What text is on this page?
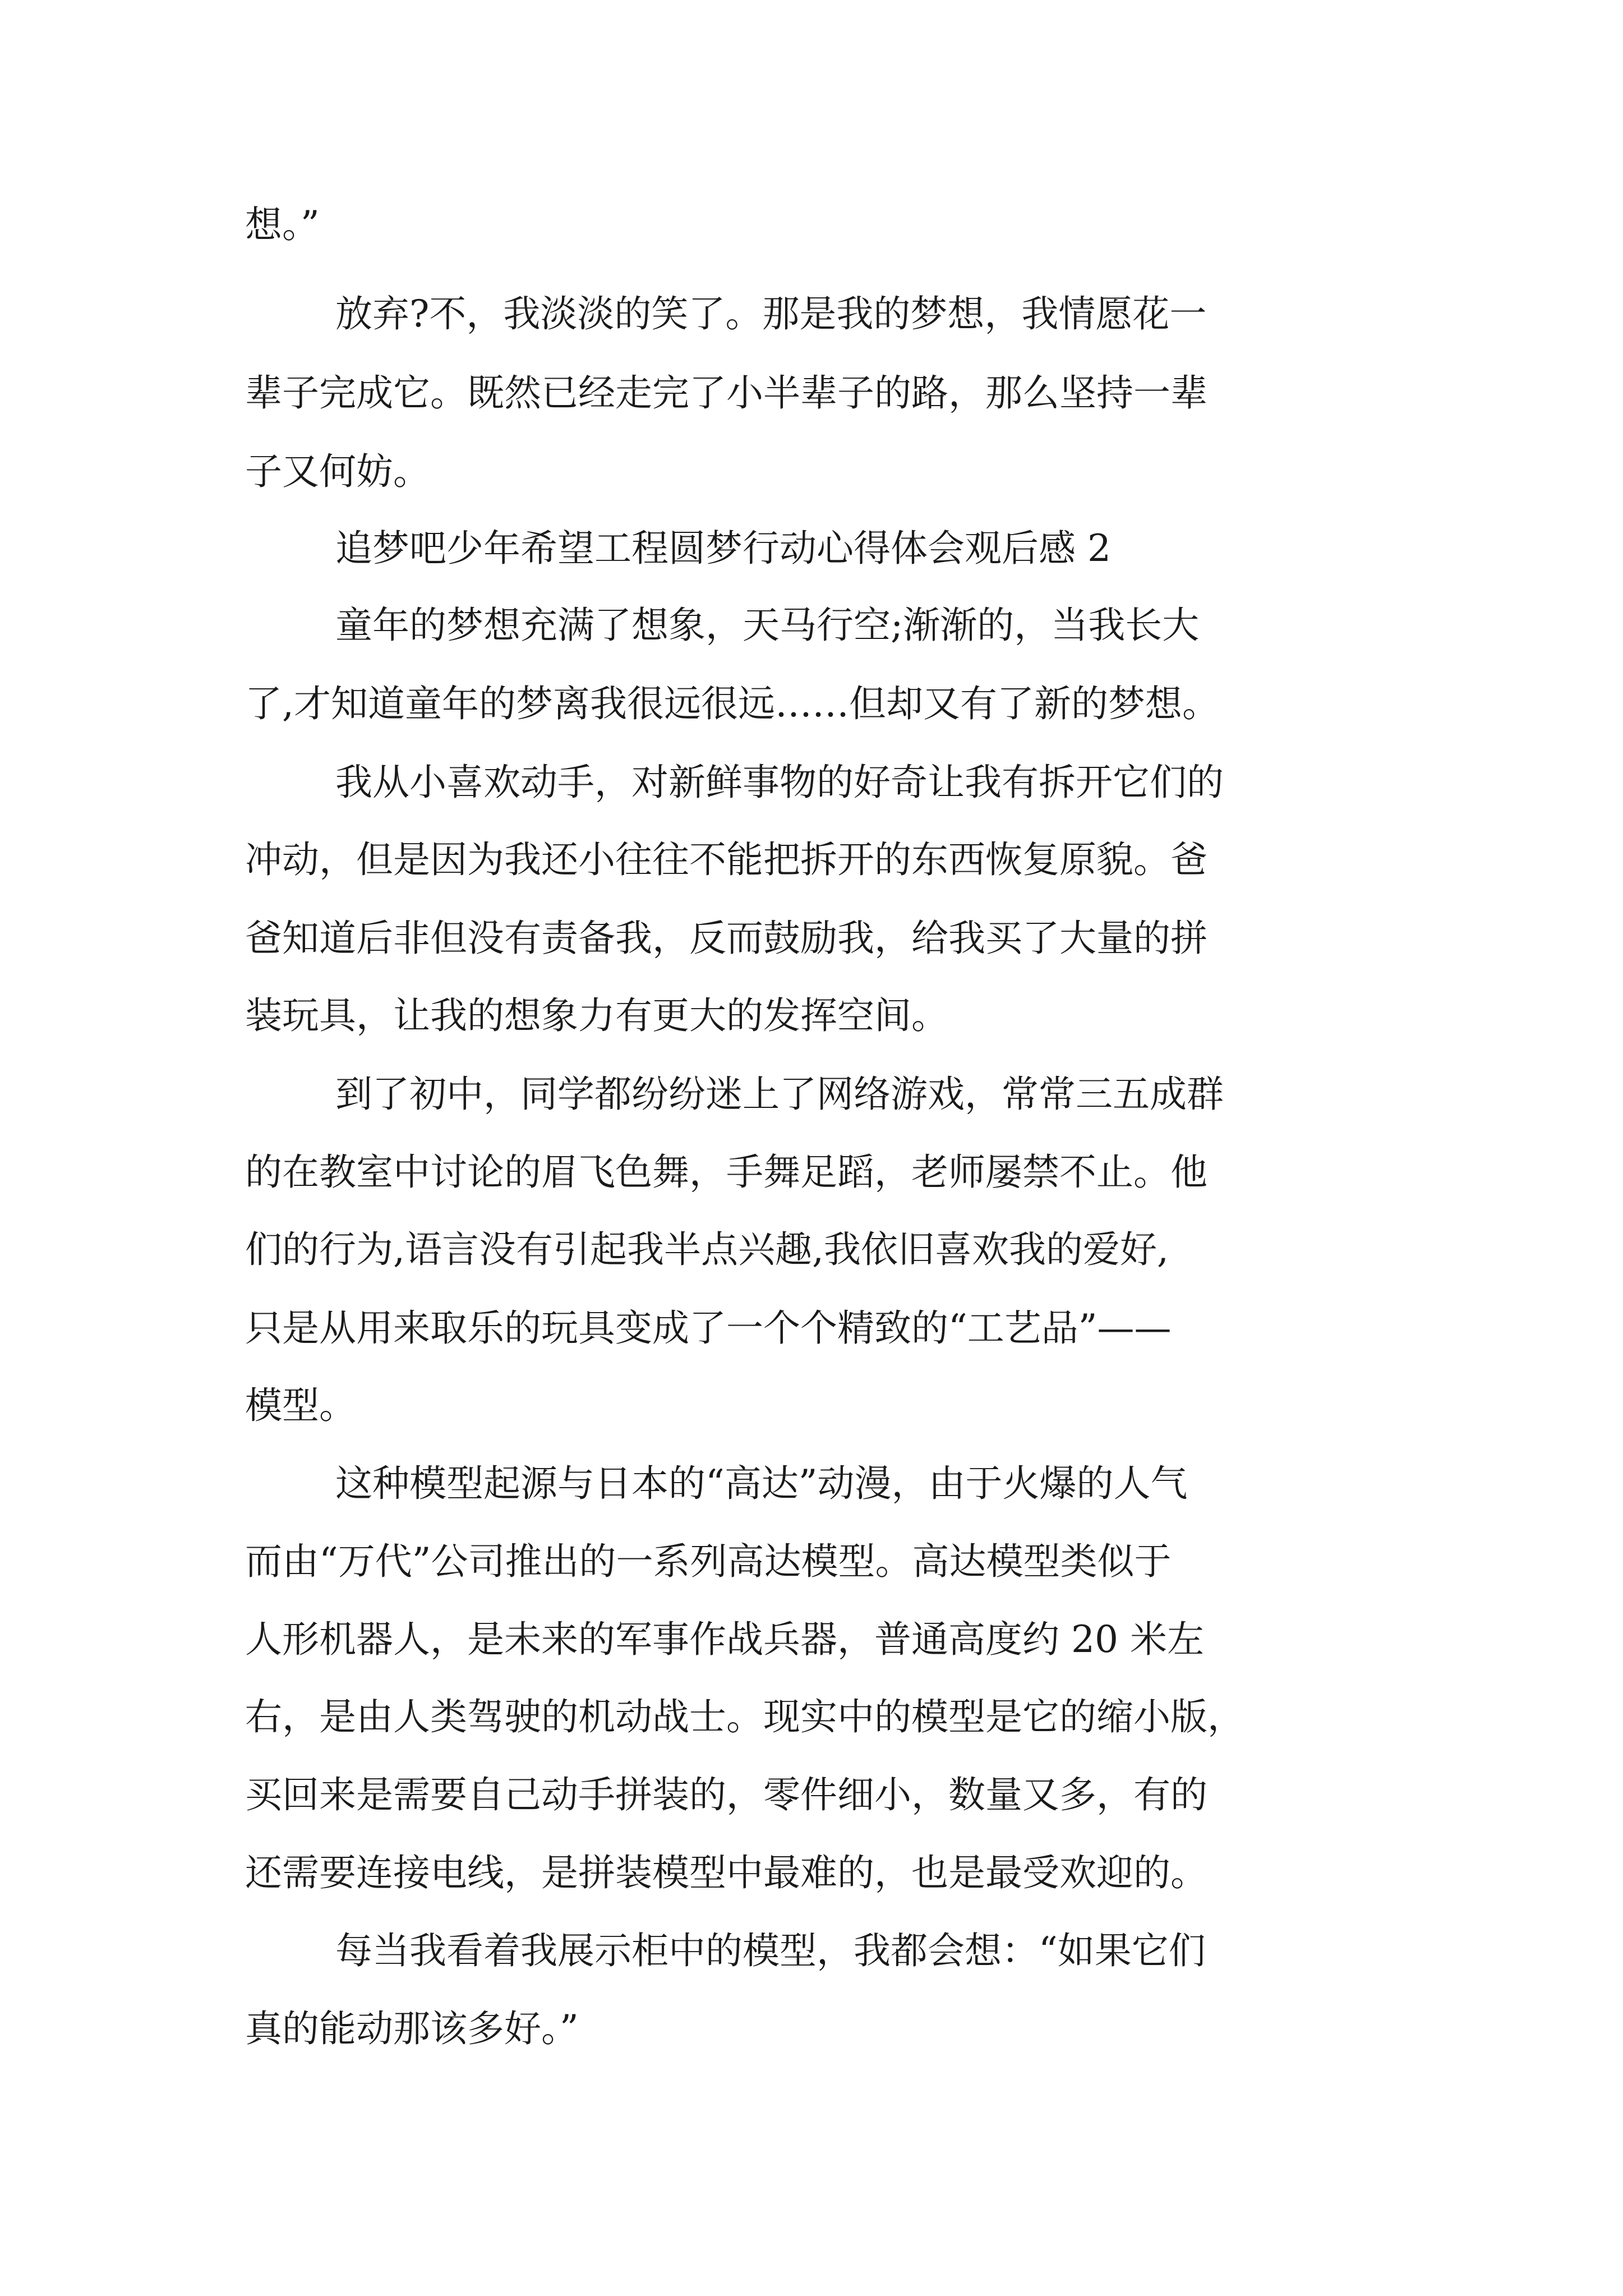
想。”
放弃?不，我淡淡的笑了。那是我的梦想，我情愿花一
辈子完成它。既然已经走完了小半辈子的路，那么坚持一辈
子又何妨。
追梦吧少年希望工程圆梦行动心得体会观后感 2
童年的梦想充满了想象，天马行空;渐渐的，当我长大
了,才知道童年的梦离我很远很远……但却又有了新的梦想。
我从小喜欢动手，对新鲜事物的好奇让我有拆开它们的
冲动，但是因为我还小往往不能把拆开的东西恢复原貌。爸
爸知道后非但没有责备我，反而鼓励我，给我买了大量的拼
装玩具，让我的想象力有更大的发挥空间。
到了初中，同学都纷纷迷上了网络游戏，常常三五成群
的在教室中讨论的眉飞色舞，手舞足蹈，老师屡禁不止。他
们的行为,语言没有引起我半点兴趣,我依旧喜欢我的爱好,
只是从用来取乐的玩具变成了一个个精致的“工艺品”——
模型。
这种模型起源与日本的“高达”动漫，由于火爆的人气
而由“万代”公司推出的一系列高达模型。高达模型类似于
人形机器人，是未来的军事作战兵器，普通高度约 20 米左
右，是由人类驾驶的机动战士。现实中的模型是它的缩小版，
买回来是需要自己动手拼装的，零件细小，数量又多，有的
还需要连接电线，是拼装模型中最难的，也是最受欢迎的。
每当我看着我展示柜中的模型，我都会想：“如果它们
真的能动那该多好。”
